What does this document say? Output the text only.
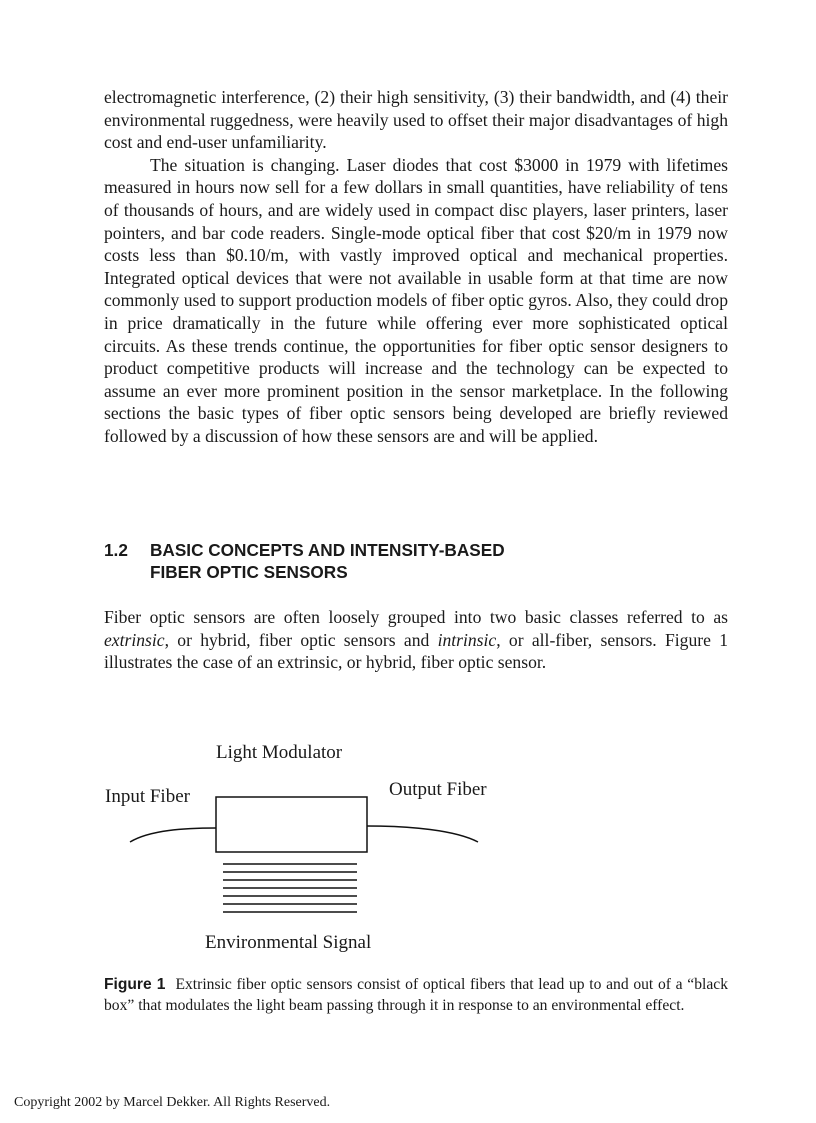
electromagnetic interference, (2) their high sensitivity, (3) their bandwidth, and (4) their environmental ruggedness, were heavily used to offset their major disadvantages of high cost and end-user unfamiliarity.

The situation is changing. Laser diodes that cost $3000 in 1979 with lifetimes measured in hours now sell for a few dollars in small quantities, have reliability of tens of thousands of hours, and are widely used in compact disc players, laser printers, laser pointers, and bar code readers. Single-mode optical fiber that cost $20/m in 1979 now costs less than $0.10/m, with vastly improved optical and mechanical properties. Integrated optical devices that were not available in usable form at that time are now commonly used to support production models of fiber optic gyros. Also, they could drop in price dramatically in the future while offering ever more sophisticated optical circuits. As these trends continue, the opportunities for fiber optic sensor designers to product competitive products will increase and the technology can be expected to assume an ever more prominent position in the sensor marketplace. In the following sections the basic types of fiber optic sensors being developed are briefly reviewed followed by a discussion of how these sensors are and will be applied.

1.2 BASIC CONCEPTS AND INTENSITY-BASED
FIBER OPTIC SENSORS

Fiber optic sensors are often loosely grouped into two basic classes referred to as extrinsic, or hybrid, fiber optic sensors and intrinsic, or all-fiber, sensors. Figure 1 illustrates the case of an extrinsic, or hybrid, fiber optic sensor.

Light Modulator
Input Fiber	Output Fiber
Environmental Signal
Figure 1 Extrinsic fiber optic sensors consist of optical fibers that lead up to and out of a “black box” that modulates the light beam passing through it in response to an environmental effect.
Copyright 2002 by Marcel Dekker. All Rights Reserved.
